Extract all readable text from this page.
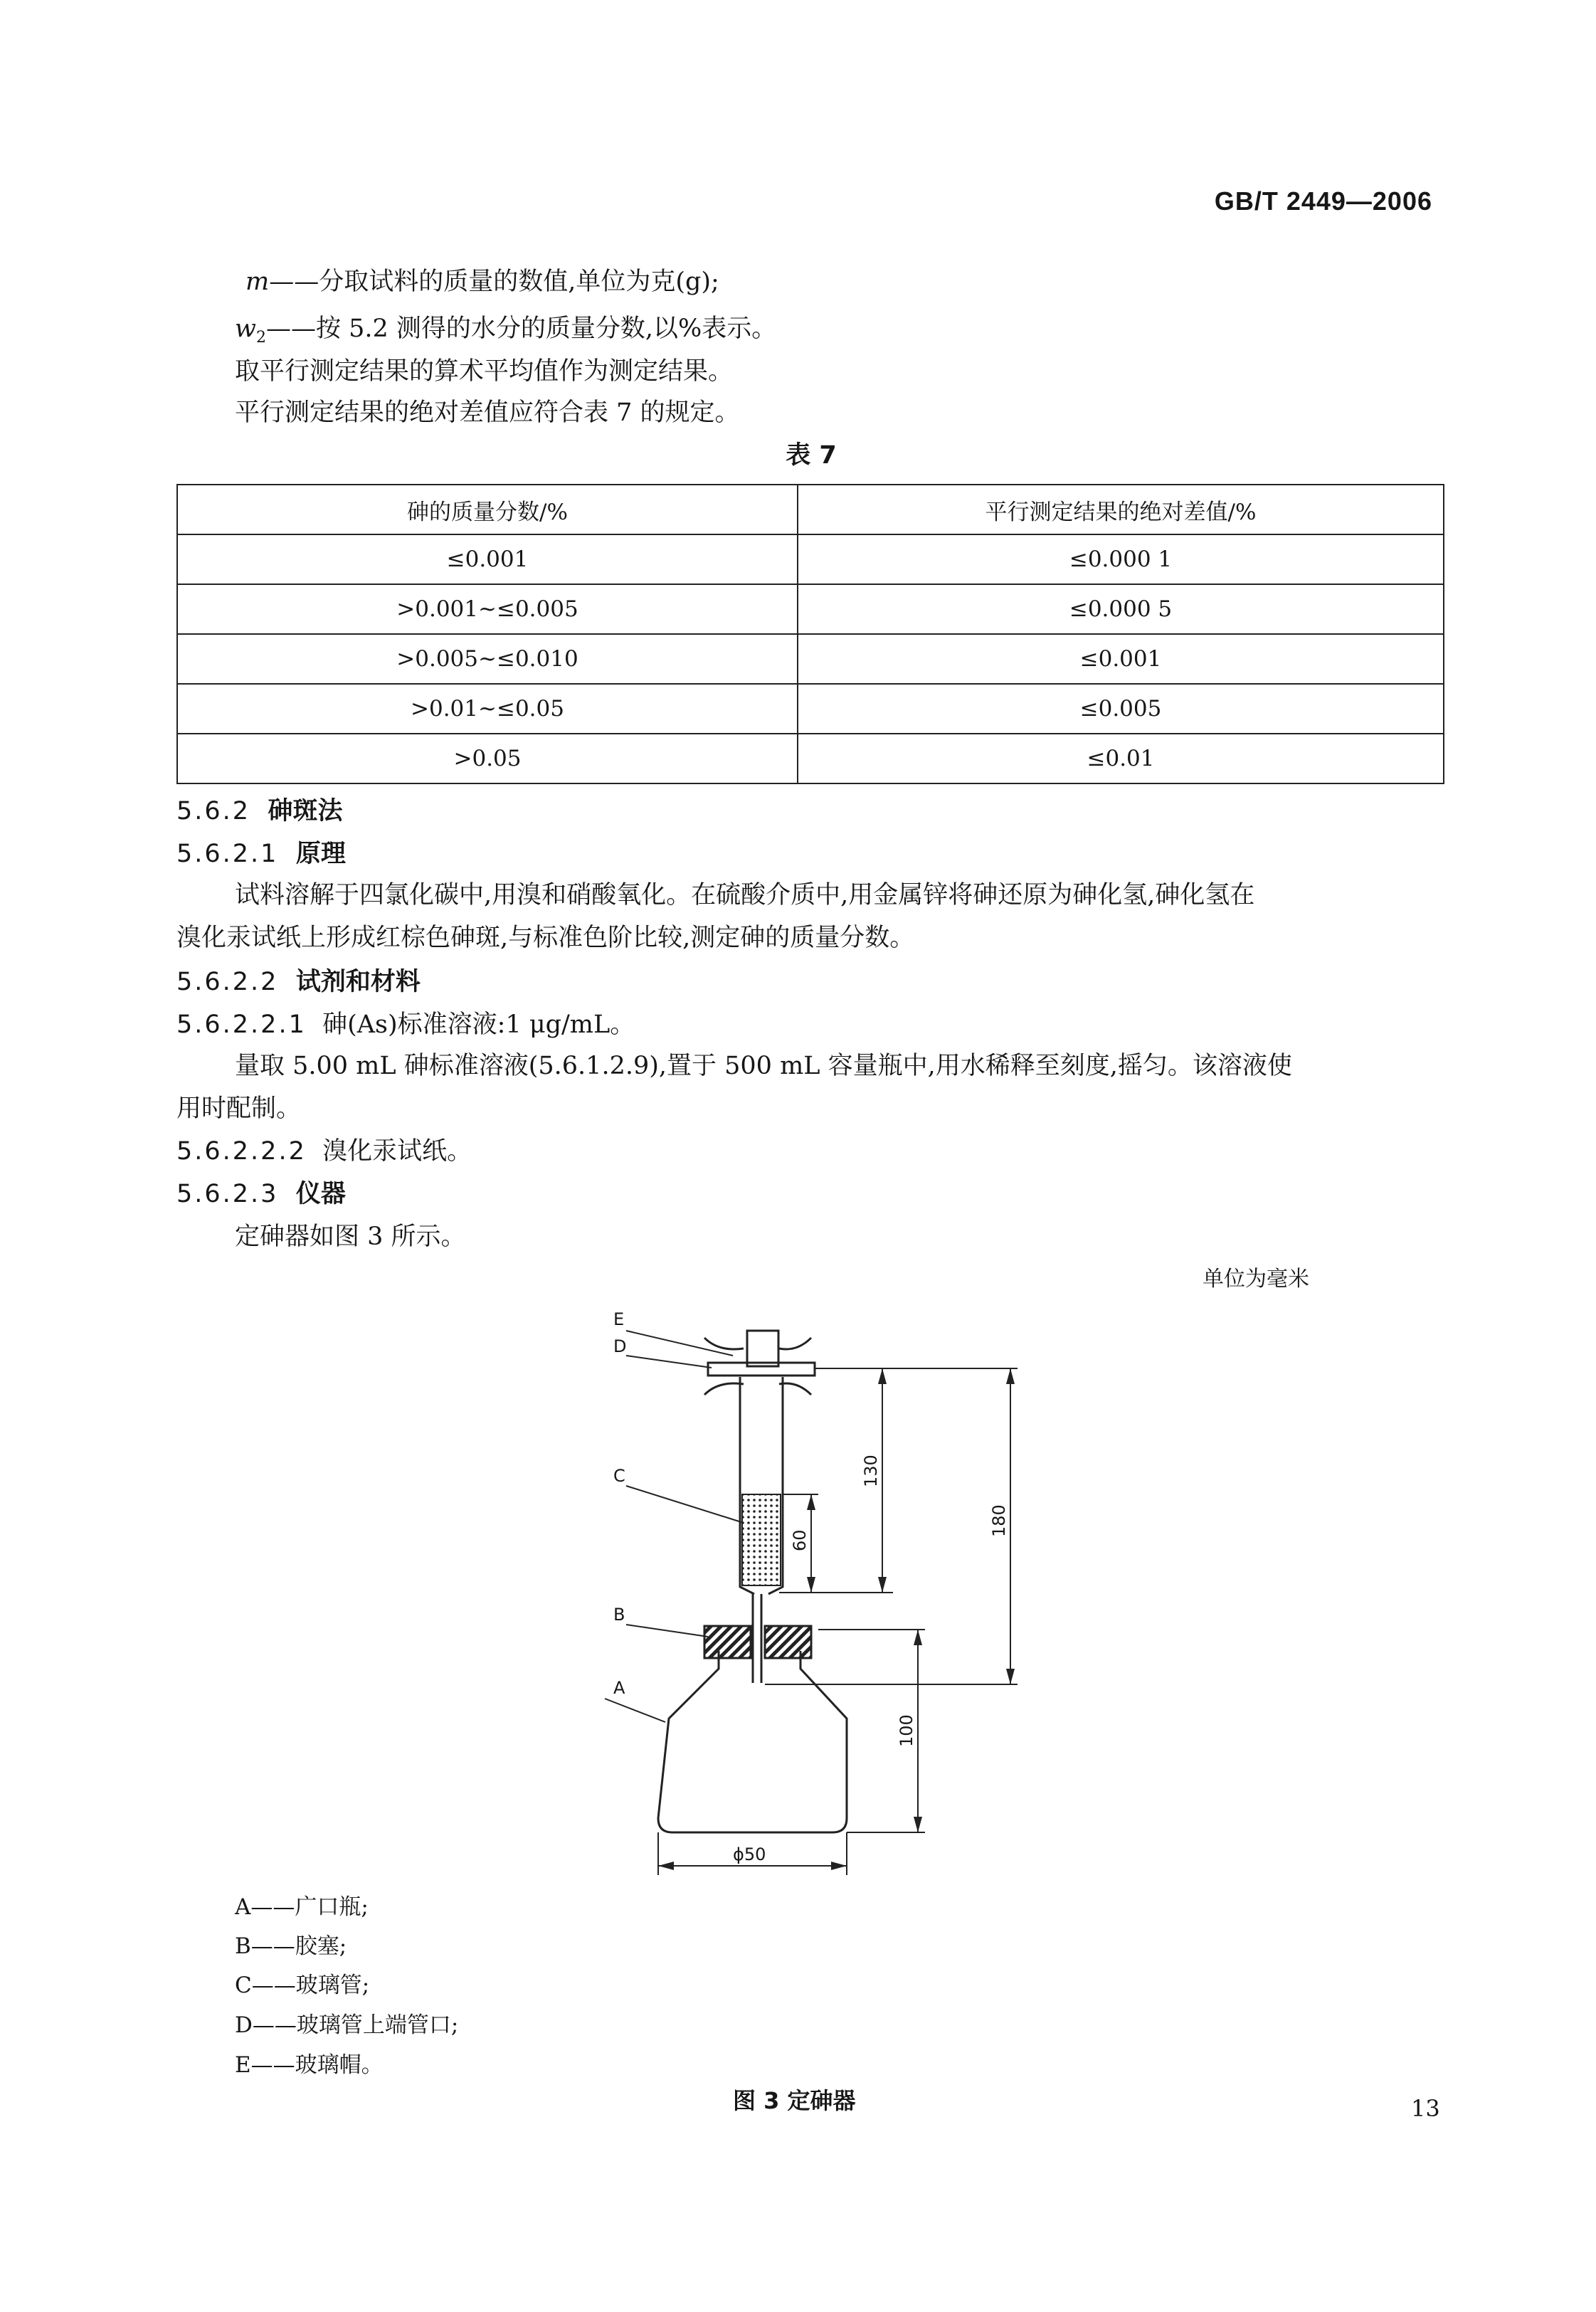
GB/T 2449—2006
m——分取试料的质量的数值,单位为克(g);
$w_2——$按 5.2 测得的水分的质量分数,以%表示。
取平行测定结果的算术平均值作为测定结果。
平行测定结果的绝对差值应符合表 7 的规定。
表 7
砷的质量分数/%	平行测定结果的绝对差值/%
≤0.001	≤0.000 1
>0.001~≤0.005	≤0.000 5
>0.005~≤0.010	≤0.001
>0.01~≤0.05	≤0.005
>0.05	≤0.01
5.6.2 砷斑法
5.6.2.1 原理
试料溶解于四氯化碳中,用溴和硝酸氧化。在硫酸介质中,用金属锌将砷还原为砷化氢,砷化氢在
溴化汞试纸上形成红棕色砷斑,与标准色阶比较,测定砷的质量分数。
5.6.2.2 试剂和材料
5.6.2.2.1 砷(As)标准溶液:1 μg/mL。
量取 5.00 mL 砷标准溶液(5.6.1.2.9),置于 500 mL 容量瓶中,用水稀释至刻度,摇匀。该溶液使
用时配制。
5.6.2.2.2 溴化汞试纸。
5.6.2.3 仪器
定砷器如图 3 所示。
单位为毫米
E
D
C
B
A
130
60
180
100
ϕ50
A——广口瓶;
B——胶塞;
C——玻璃管;
D——玻璃管上端管口;
E——玻璃帽。
图 3 定砷器	13
